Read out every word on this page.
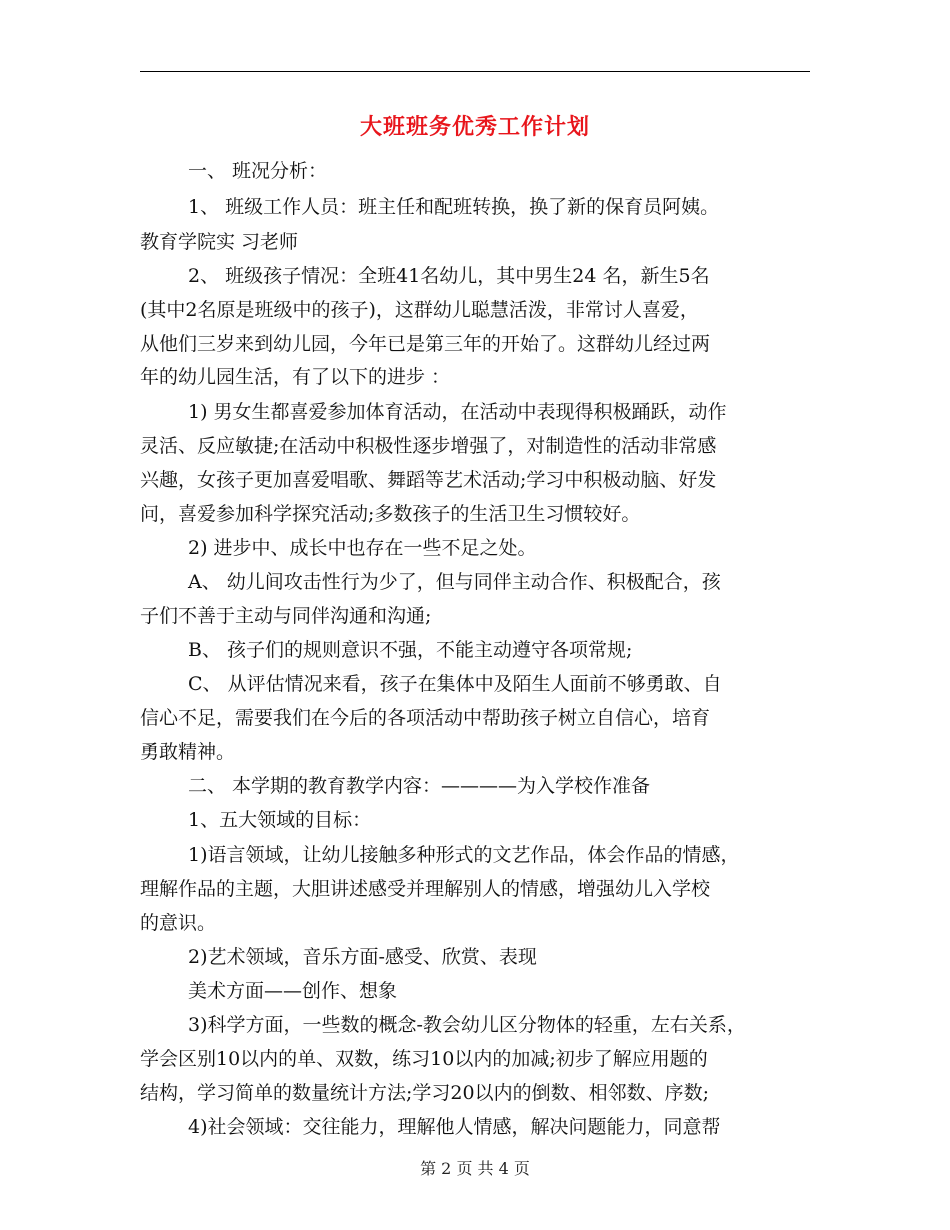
大班班务优秀工作计划
一、 班况分析：
1、 班级工作人员：班主任和配班转换，换了新的保育员阿姨。
教育学院实 习老师
2、 班级孩子情况：全班41名幼儿，其中男生24 名，新生5名
(其中2名原是班级中的孩子)，这群幼儿聪慧活泼，非常讨人喜爱，
从他们三岁来到幼儿园，今年已是第三年的开始了。这群幼儿经过两
年的幼儿园生活，有了以下的进步 ：
1) 男女生都喜爱参加体育活动，在活动中表现得积极踊跃，动作
灵活、反应敏捷;在活动中积极性逐步增强了，对制造性的活动非常感
兴趣，女孩子更加喜爱唱歌、舞蹈等艺术活动;学习中积极动脑、好发
问，喜爱参加科学探究活动;多数孩子的生活卫生习惯较好。
2) 进步中、成长中也存在一些不足之处。
A、 幼儿间攻击性行为少了，但与同伴主动合作、积极配合，孩
子们不善于主动与同伴沟通和沟通;
B、 孩子们的规则意识不强，不能主动遵守各项常规;
C、 从评估情况来看，孩子在集体中及陌生人面前不够勇敢、自
信心不足，需要我们在今后的各项活动中帮助孩子树立自信心，培育
勇敢精神。
二、 本学期的教育教学内容：————为入学校作准备
1、五大领域的目标：
1)语言领域，让幼儿接触多种形式的文艺作品，体会作品的情感，
理解作品的主题，大胆讲述感受并理解别人的情感，增强幼儿入学校
的意识。
2)艺术领域，音乐方面-感受、欣赏、表现
美术方面——创作、想象
3)科学方面，一些数的概念-教会幼儿区分物体的轻重，左右关系，
学会区别10以内的单、双数，练习10以内的加减;初步了解应用题的
结构，学习简单的数量统计方法;学习20以内的倒数、相邻数、序数;
4)社会领域：交往能力，理解他人情感，解决问题能力，同意帮
第 2 页 共 4 页
